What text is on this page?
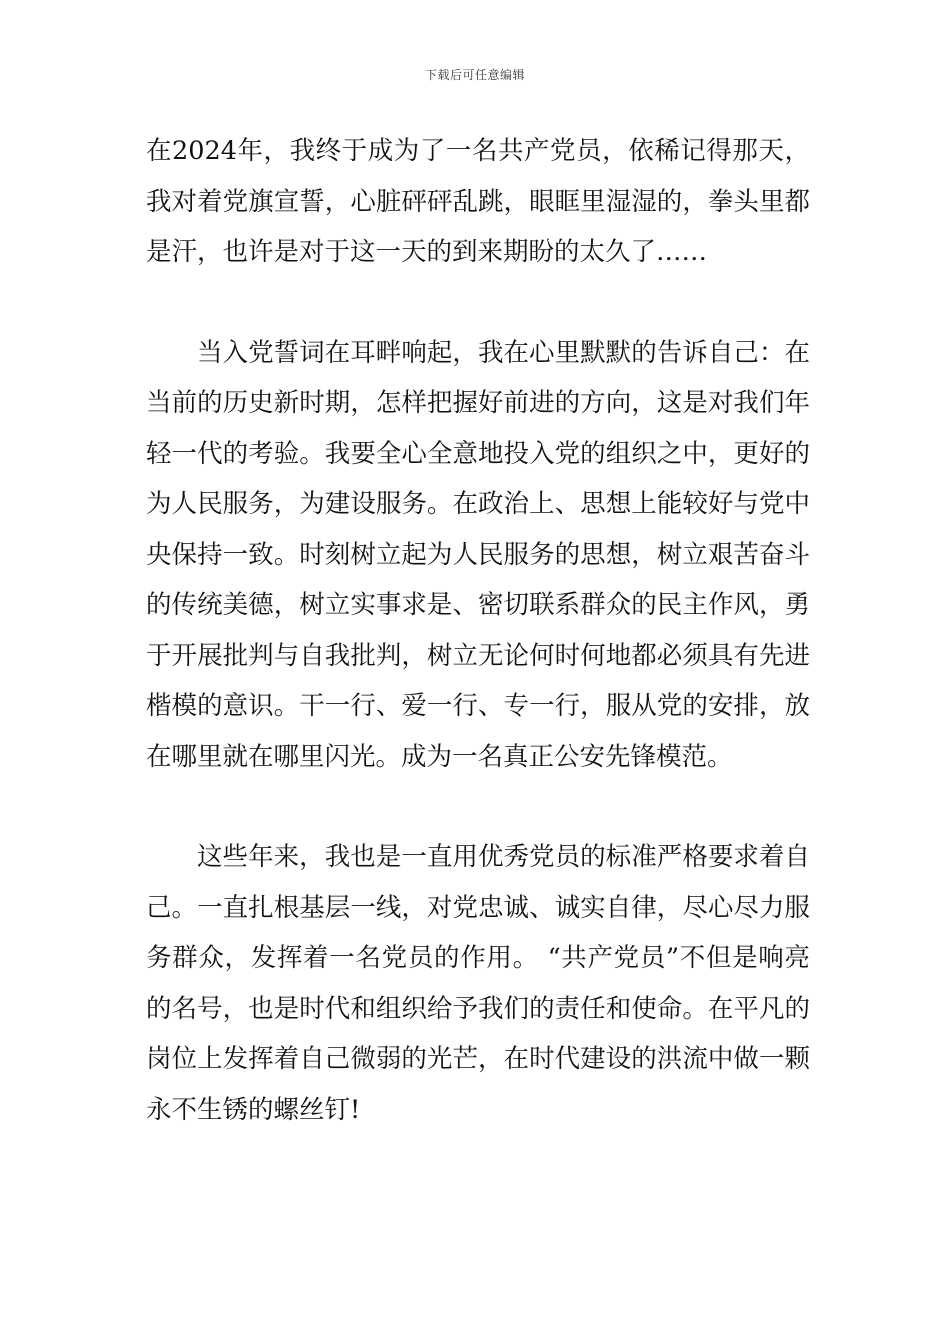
下载后可任意编辑

在2024年，我终于成为了一名共产党员，依稀记得那天，我对着党旗宣誓，心脏砰砰乱跳，眼眶里湿湿的，拳头里都是汗，也许是对于这一天的到来期盼的太久了……

当入党誓词在耳畔响起，我在心里默默的告诉自己：在当前的历史新时期，怎样把握好前进的方向，这是对我们年轻一代的考验。我要全心全意地投入党的组织之中，更好的为人民服务，为建设服务。在政治上、思想上能较好与党中央保持一致。时刻树立起为人民服务的思想，树立艰苦奋斗的传统美德，树立实事求是、密切联系群众的民主作风，勇于开展批判与自我批判，树立无论何时何地都必须具有先进楷模的意识。干一行、爱一行、专一行，服从党的安排，放在哪里就在哪里闪光。成为一名真正公安先锋模范。

这些年来，我也是一直用优秀党员的标准严格要求着自己。一直扎根基层一线，对党忠诚、诚实自律，尽心尽力服务群众，发挥着一名党员的作用。 “共产党员”不但是响亮的名号，也是时代和组织给予我们的责任和使命。在平凡的岗位上发挥着自己微弱的光芒，在时代建设的洪流中做一颗永不生锈的螺丝钉!
